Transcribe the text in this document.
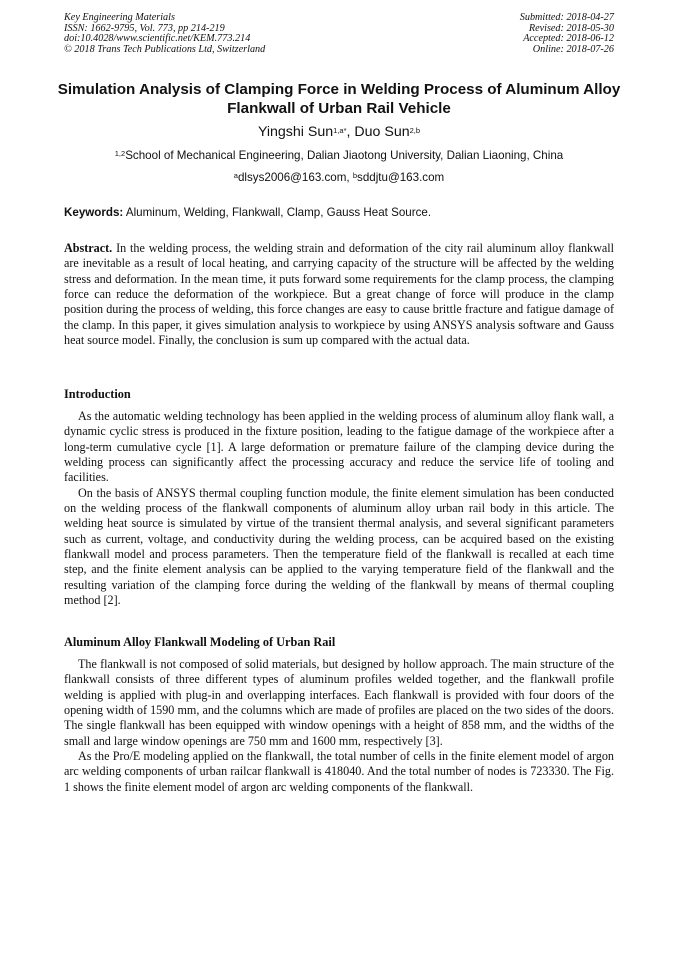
Key Engineering Materials
ISSN: 1662-9795, Vol. 773, pp 214-219
doi:10.4028/www.scientific.net/KEM.773.214
© 2018 Trans Tech Publications Ltd, Switzerland
Submitted: 2018-04-27
Revised: 2018-05-30
Accepted: 2018-06-12
Online: 2018-07-26
Simulation Analysis of Clamping Force in Welding Process of Aluminum Alloy Flankwall of Urban Rail Vehicle
Yingshi Sun$^{1,a*}$, Duo Sun$^{2,b}$
$^{1,2}$School of Mechanical Engineering, Dalian Jiaotong University, Dalian Liaoning, China
$^a$dlsys2006@163.com, $^b$sddjtu@163.com
Keywords: Aluminum, Welding, Flankwall, Clamp, Gauss Heat Source.
Abstract. In the welding process, the welding strain and deformation of the city rail aluminum alloy flankwall are inevitable as a result of local heating, and carrying capacity of the structure will be affected by the welding stress and deformation. In the mean time, it puts forward some requirements for the clamp process, the clamping force can reduce the deformation of the workpiece. But a great change of force will produce in the clamp position during the process of welding, this force changes are easy to cause brittle fracture and fatigue damage of the clamp. In this paper, it gives simulation analysis to workpiece by using ANSYS analysis software and Gauss heat source model. Finally, the conclusion is sum up compared with the actual data.
Introduction

As the automatic welding technology has been applied in the welding process of aluminum alloy flank wall, a dynamic cyclic stress is produced in the fixture position, leading to the fatigue damage of the workpiece after a long-term cumulative cycle [1]. A large deformation or premature failure of the clamping device during the welding process can significantly affect the processing accuracy and reduce the service life of tooling and facilities.

On the basis of ANSYS thermal coupling function module, the finite element simulation has been conducted on the welding process of the flankwall components of aluminum alloy urban rail body in this article. The welding heat source is simulated by virtue of the transient thermal analysis, and several significant parameters such as current, voltage, and conductivity during the welding process, can be acquired based on the existing flankwall model and process parameters. Then the temperature field of the flankwall is recalled at each time step, and the finite element analysis can be applied to the varying temperature field of the flankwall and the resulting variation of the clamping force during the welding of the flankwall by means of thermal coupling method [2].

Aluminum Alloy Flankwall Modeling of Urban Rail

The flankwall is not composed of solid materials, but designed by hollow approach. The main structure of the flankwall consists of three different types of aluminum profiles welded together, and the flankwall profile welding is applied with plug-in and overlapping interfaces. Each flankwall is provided with four doors of the opening width of 1590 mm, and the columns which are made of profiles are placed on the two sides of the doors. The single flankwall has been equipped with window openings with a height of 858 mm, and the widths of the small and large window openings are 750 mm and 1600 mm, respectively [3].

As the Pro/E modeling applied on the flankwall, the total number of cells in the finite element model of argon arc welding components of urban railcar flankwall is 418040. And the total number of nodes is 723330. The Fig. 1 shows the finite element model of argon arc welding components of the flankwall.
